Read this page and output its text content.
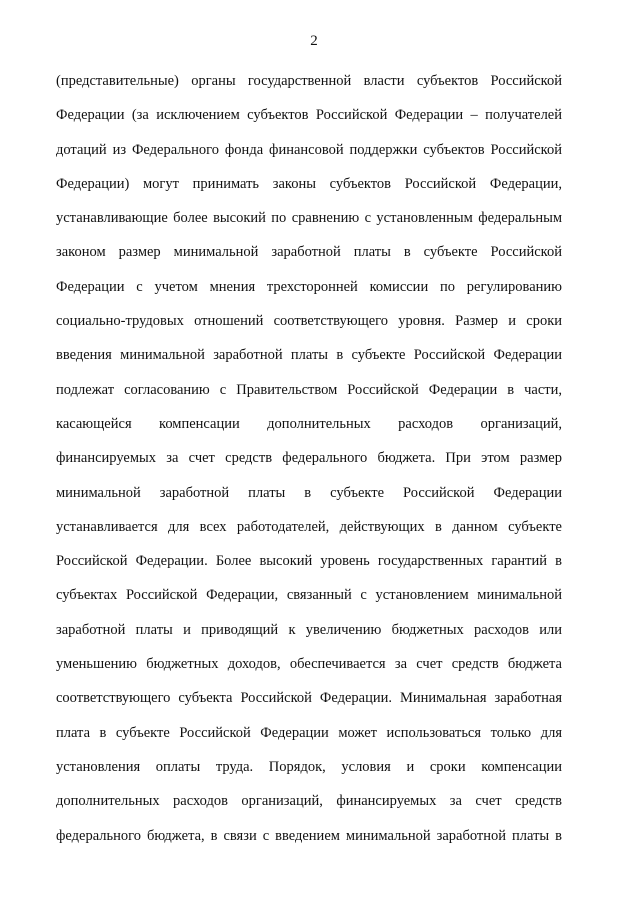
2
(представительные) органы государственной власти субъектов Российской
Федерации (за исключением субъектов Российской Федерации – получателей
дотаций из Федерального фонда финансовой поддержки субъектов Российской
Федерации) могут принимать законы субъектов Российской Федерации,
устанавливающие более высокий по сравнению с установленным федеральным
законом размер минимальной заработной платы в субъекте Российской
Федерации с учетом мнения трехсторонней комиссии по регулированию
социально-трудовых отношений соответствующего уровня. Размер и сроки
введения минимальной заработной платы в субъекте Российской Федерации
подлежат согласованию с Правительством Российской Федерации в части,
касающейся компенсации дополнительных расходов организаций,
финансируемых за счет средств федерального бюджета. При этом размер
минимальной заработной платы в субъекте Российской Федерации
устанавливается для всех работодателей, действующих в данном субъекте
Российской Федерации. Более высокий уровень государственных гарантий в
субъектах Российской Федерации, связанный с установлением минимальной
заработной платы и приводящий к увеличению бюджетных расходов или
уменьшению бюджетных доходов, обеспечивается за счет средств бюджета
соответствующего субъекта Российской Федерации. Минимальная заработная
плата в субъекте Российской Федерации может использоваться только для
установления оплаты труда. Порядок, условия и сроки компенсации
дополнительных расходов организаций, финансируемых за счет средств
федерального бюджета, в связи с введением минимальной заработной платы в
